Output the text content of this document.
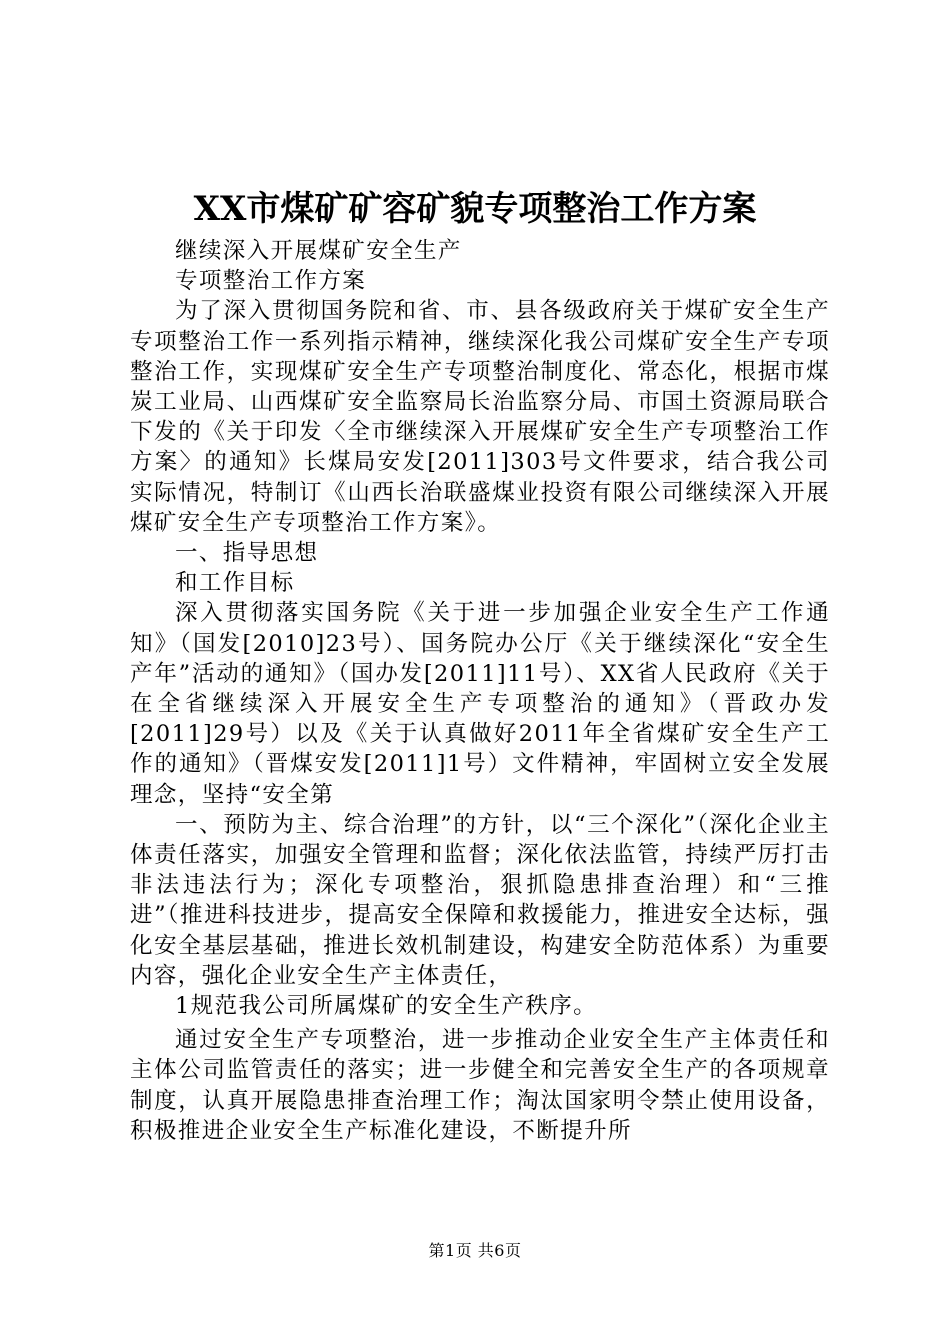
XX市煤矿矿容矿貌专项整治工作方案

继续深入开展煤矿安全生产

专项整治工作方案

为了深入贯彻国务院和省、市、县各级政府关于煤矿安全生产专项整治工作一系列指示精神，继续深化我公司煤矿安全生产专项整治工作，实现煤矿安全生产专项整治制度化、常态化，根据市煤炭工业局、山西煤矿安全监察局长治监察分局、市国土资源局联合下发的《关于印发〈全市继续深入开展煤矿安全生产专项整治工作方案〉的通知》长煤局安发[2011]303号文件要求，结合我公司实际情况，特制订《山西长治联盛煤业投资有限公司继续深入开展煤矿安全生产专项整治工作方案》。

一、指导思想

和工作目标

深入贯彻落实国务院《关于进一步加强企业安全生产工作通知》（国发[2010]23号）、国务院办公厅《关于继续深化“安全生产年”活动的通知》（国办发[2011]11号）、XX省人民政府《关于在全省继续深入开展安全生产专项整治的通知》（晋政办发[2011]29号）以及《关于认真做好2011年全省煤矿安全生产工作的通知》（晋煤安发[2011]1号）文件精神，牢固树立安全发展理念，坚持“安全第

一、预防为主、综合治理”的方针，以“三个深化”（深化企业主体责任落实，加强安全管理和监督；深化依法监管，持续严厉打击非法违法行为；深化专项整治，狠抓隐患排查治理）和“三推进”（推进科技进步，提高安全保障和救援能力，推进安全达标，强化安全基层基础，推进长效机制建设，构建安全防范体系）为重要内容，强化企业安全生产主体责任，

1规范我公司所属煤矿的安全生产秩序。

通过安全生产专项整治，进一步推动企业安全生产主体责任和主体公司监管责任的落实；进一步健全和完善安全生产的各项规章制度，认真开展隐患排查治理工作；淘汰国家明令禁止使用设备，积极推进企业安全生产标准化建设，不断提升所

第1页 共6页
